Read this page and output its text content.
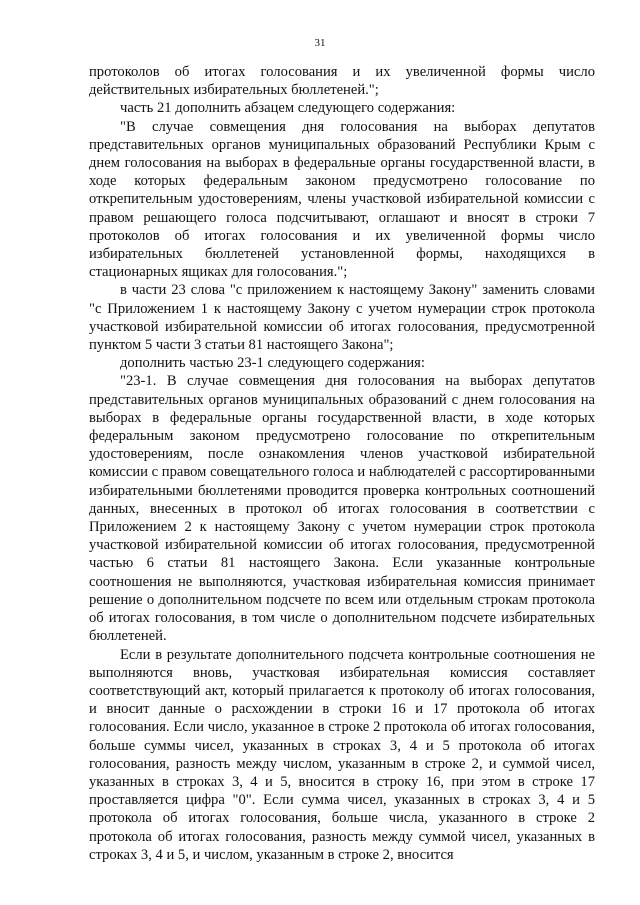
31

протоколов об итогах голосования и их увеличенной формы число действительных избирательных бюллетеней.";

часть 21 дополнить абзацем следующего содержания:

"В случае совмещения дня голосования на выборах депутатов представительных органов муниципальных образований Республики Крым с днем голосования на выборах в федеральные органы государственной власти, в ходе которых федеральным законом предусмотрено голосование по открепительным удостоверениям, члены участковой избирательной комиссии с правом решающего голоса подсчитывают, оглашают и вносят в строки 7 протоколов об итогах голосования и их увеличенной формы число избирательных бюллетеней установленной формы, находящихся в стационарных ящиках для голосования.";

в части 23 слова "с приложением к настоящему Закону" заменить словами "с Приложением 1 к настоящему Закону с учетом нумерации строк протокола участковой избирательной комиссии об итогах голосования, предусмотренной пунктом 5 части 3 статьи 81 настоящего Закона";

дополнить частью 23-1 следующего содержания:

"23-1. В случае совмещения дня голосования на выборах депутатов представительных органов муниципальных образований с днем голосования на выборах в федеральные органы государственной власти, в ходе которых федеральным законом предусмотрено голосование по открепительным удостоверениям, после ознакомления членов участковой избирательной комиссии с правом совещательного голоса и наблюдателей с рассортированными избирательными бюллетенями проводится проверка контрольных соотношений данных, внесенных в протокол об итогах голосования в соответствии с Приложением 2 к настоящему Закону с учетом нумерации строк протокола участковой избирательной комиссии об итогах голосования, предусмотренной частью 6 статьи 81 настоящего Закона. Если указанные контрольные соотношения не выполняются, участковая избирательная комиссия принимает решение о дополнительном подсчете по всем или отдельным строкам протокола об итогах голосования, в том числе о дополнительном подсчете избирательных бюллетеней.

Если в результате дополнительного подсчета контрольные соотношения не выполняются вновь, участковая избирательная комиссия составляет соответствующий акт, который прилагается к протоколу об итогах голосования, и вносит данные о расхождении в строки 16 и 17 протокола об итогах голосования. Если число, указанное в строке 2 протокола об итогах голосования, больше суммы чисел, указанных в строках 3, 4 и 5 протокола об итогах голосования, разность между числом, указанным в строке 2, и суммой чисел, указанных в строках 3, 4 и 5, вносится в строку 16, при этом в строке 17 проставляется цифра "0". Если сумма чисел, указанных в строках 3, 4 и 5 протокола об итогах голосования, больше числа, указанного в строке 2 протокола об итогах голосования, разность между суммой чисел, указанных в строках 3, 4 и 5, и числом, указанным в строке 2, вносится
